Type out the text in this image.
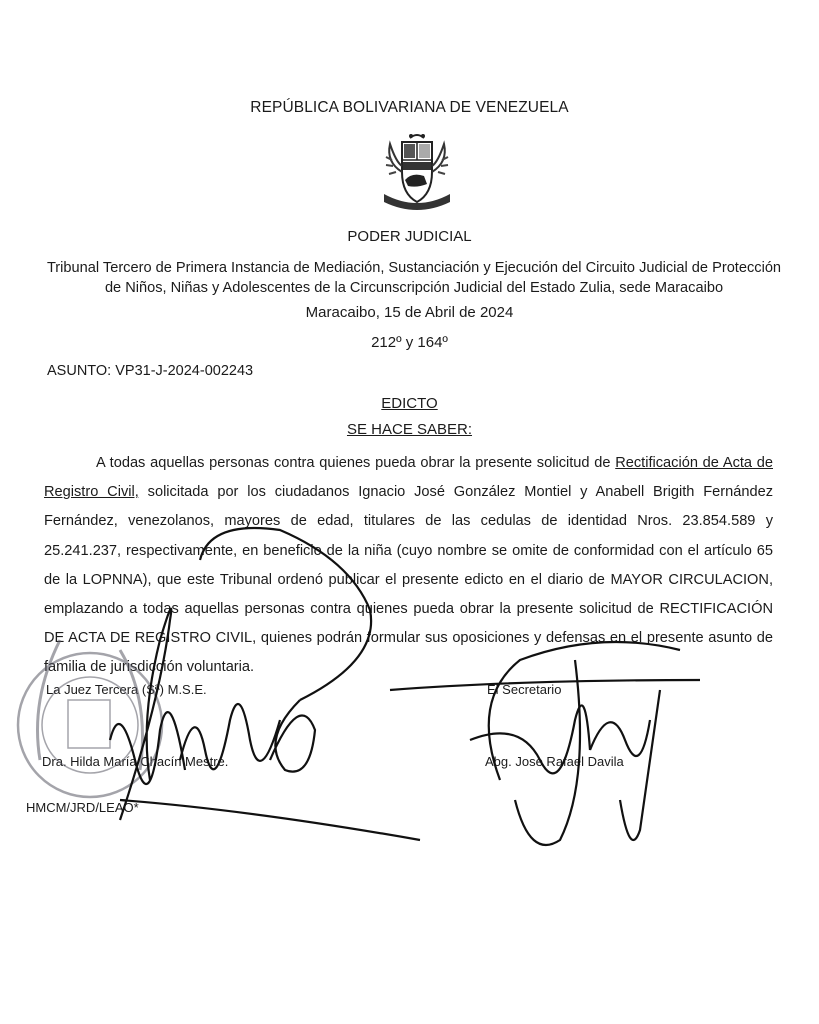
REPÚBLICA BOLIVARIANA DE VENEZUELA
PODER JUDICIAL
Tribunal Tercero de Primera Instancia de Mediación, Sustanciación y Ejecución del Circuito Judicial de Protección de Niños, Niñas y Adolescentes de la Circunscripción Judicial del Estado Zulia, sede Maracaibo
Maracaibo, 15 de Abril de 2024
212º y 164º
ASUNTO: VP31-J-2024-002243
EDICTO
SE HACE SABER:
A todas aquellas personas contra quienes pueda obrar la presente solicitud de Rectificación de Acta de Registro Civil, solicitada por los ciudadanos Ignacio José González Montiel y Anabell Brigith Fernández Fernández, venezolanos, mayores de edad, titulares de las cedulas de identidad Nros. 23.854.589 y 25.241.237, respectivamente, en beneficio de la niña (cuyo nombre se omite de conformidad con el artículo 65 de la LOPNNA), que este Tribunal ordenó publicar el presente edicto en el diario de MAYOR CIRCULACION, emplazando a todas aquellas personas contra quienes pueda obrar la presente solicitud de RECTIFICACIÓN DE ACTA DE REGISTRO CIVIL, quienes podrán formular sus oposiciones y defensas en el presente asunto de familia de jurisdicción voluntaria.
La Juez Tercera (Sª) M.S.E.	El Secretario
Dra. Hilda María Chacín Mestre.	Abg. Jose Rafael Davila
HMCM/JRD/LEAO*
